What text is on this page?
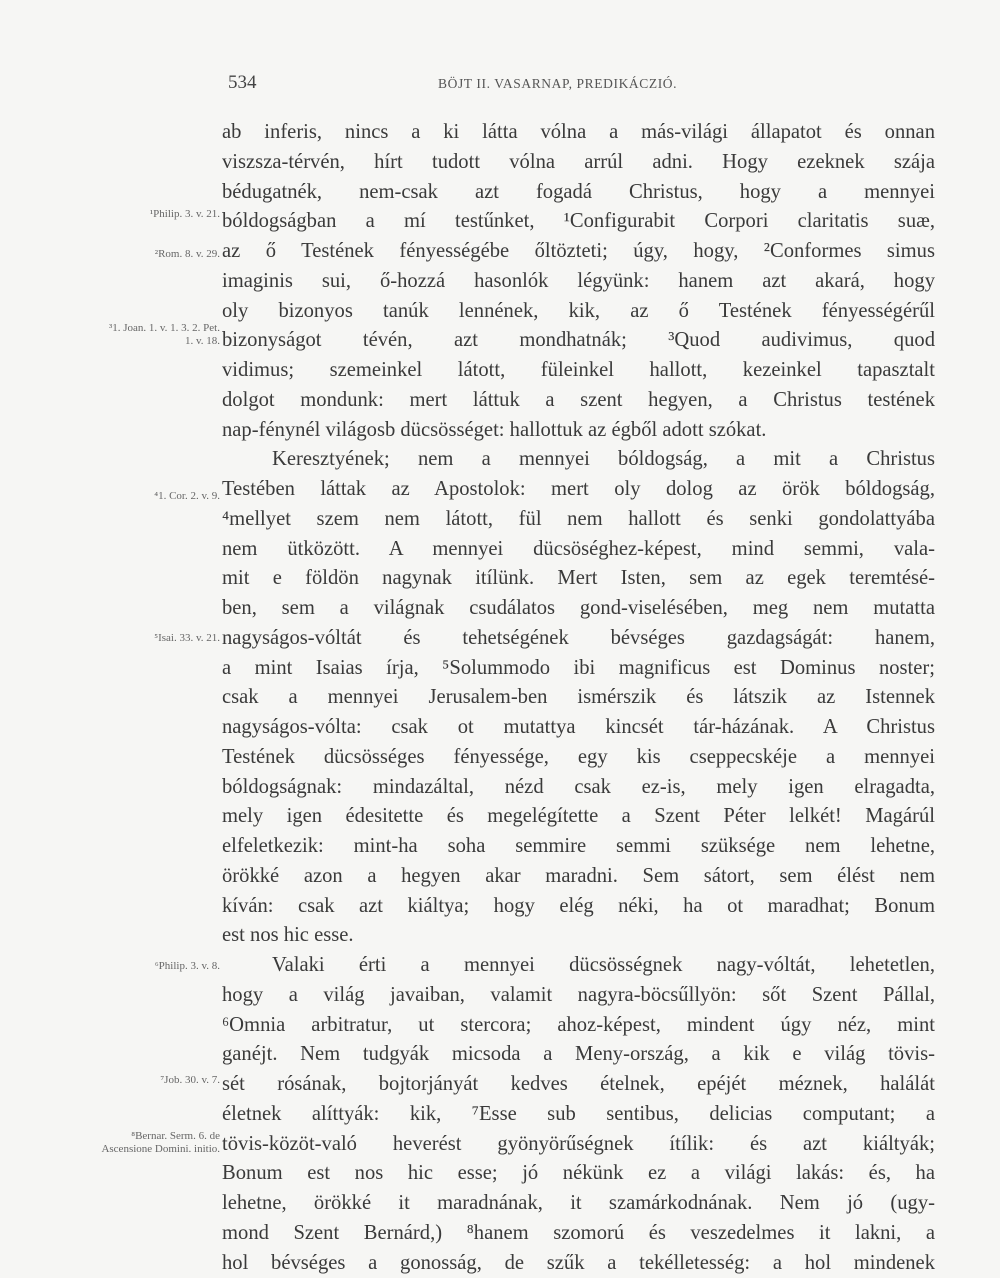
534	BÖJT II. VASARNAP, PREDIKÁCZIÓ.
ab inferis, nincs a ki látta vólna a más-világi állapatot és onnan
viszsza-térvén, hírt tudott vólna arrúl adni. Hogy ezeknek szája
bédugatnék, nem-csak azt fogadá Christus, hogy a mennyei
bóldogságban a mí testűnket, ¹Configurabit Corpori claritatis suæ,
az ő Testének fényességébe őltözteti; úgy, hogy, ²Conformes simus
imaginis sui, ő-hozzá hasonlók légyünk: hanem azt akará, hogy
oly bizonyos tanúk lennének, kik, az ő Testének fényességérűl
bizonyságot tévén, azt mondhatnák; ³Quod audivimus, quod
vidimus; szemeinkel látott, füleinkel hallott, kezeinkel tapasztalt
dolgot mondunk: mert láttuk a szent hegyen, a Christus testének
nap-fénynél világosb dücsösséget: hallottuk az égből adott szókat.
Keresztyének; nem a mennyei bóldogság, a mit a Christus
Testében láttak az Apostolok: mert oly dolog az örök bóldogság,
⁴mellyet szem nem látott, fül nem hallott és senki gondolattyába
nem ütközött. A mennyei dücsöséghez-képest, mind semmi, vala-
mit e földön nagynak itílünk. Mert Isten, sem az egek teremtésé-
ben, sem a világnak csudálatos gond-viselésében, meg nem mutatta
nagyságos-vóltát és tehetségének bévséges gazdagságát: hanem,
a mint Isaias írja, ⁵Solummodo ibi magnificus est Dominus noster;
csak a mennyei Jerusalem-ben ismérszik és látszik az Istennek
nagyságos-vólta: csak ot mutattya kincsét tár-házának. A Christus
Testének dücsösséges fényessége, egy kis cseppecskéje a mennyei
bóldogságnak: mindazáltal, nézd csak ez-is, mely igen elragadta,
mely igen édesitette és megelégítette a Szent Péter lelkét! Magárúl
elfeletkezik: mint-ha soha semmire semmi szüksége nem lehetne,
örökké azon a hegyen akar maradni. Sem sátort, sem élést nem
kíván: csak azt kiáltya; hogy elég néki, ha ot maradhat; Bonum
est nos hic esse.
Valaki érti a mennyei dücsösségnek nagy-vóltát, lehetetlen,
hogy a világ javaiban, valamit nagyra-böcsűllyön: sőt Szent Pállal,
⁶Omnia arbitratur, ut stercora; ahoz-képest, mindent úgy néz, mint
ganéjt. Nem tudgyák micsoda a Meny-ország, a kik e világ tövis-
sét rósának, bojtorjányát kedves ételnek, epéjét méznek, halálát
életnek alíttyák: kik, ⁷Esse sub sentibus, delicias computant; a
tövis-közöt-való heverést gyönyörűségnek ítílik: és azt kiáltyák;
Bonum est nos hic esse; jó nékünk ez a világi lakás: és, ha
lehetne, örökké it maradnának, it szamárkodnának. Nem jó (ugy-
mond Szent Bernárd,) ⁸hanem szomorú és veszedelmes it lakni, a
hol bévséges a gonosság, de szűk a tekélletesség: a hol mindenek
¹Philip. 3. v. 21.
²Rom. 8. v. 29.
³1. Joan. 1. v. 1. 3. 2. Pet. 1. v. 18.
⁴1. Cor. 2. v. 9.
⁵Isai. 33. v. 21.
⁶Philip. 3. v. 8.
⁷Job. 30. v. 7.
⁸Bernar. Serm. 6. de Ascensione Domini. initio.
